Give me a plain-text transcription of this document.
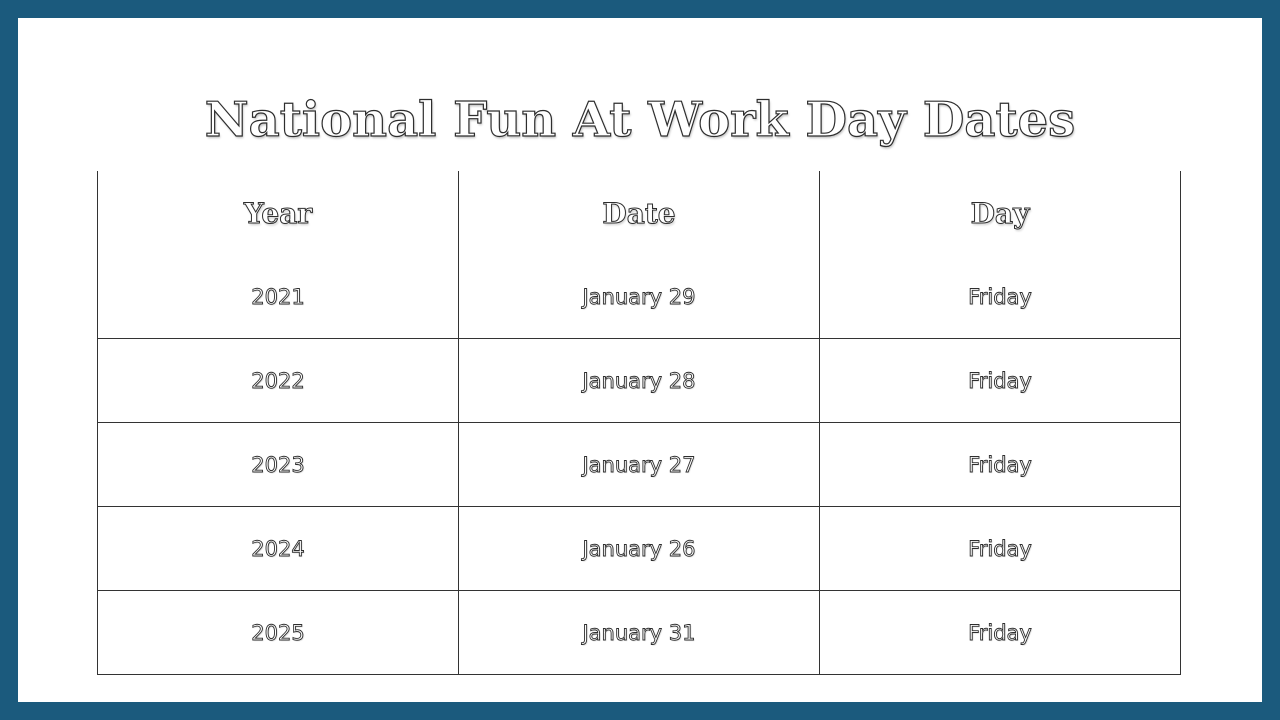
National Fun At Work Day Dates
Year	Date	Day
2021	January 29	Friday
2022	January 28	Friday
2023	January 27	Friday
2024	January 26	Friday
2025	January 31	Friday
